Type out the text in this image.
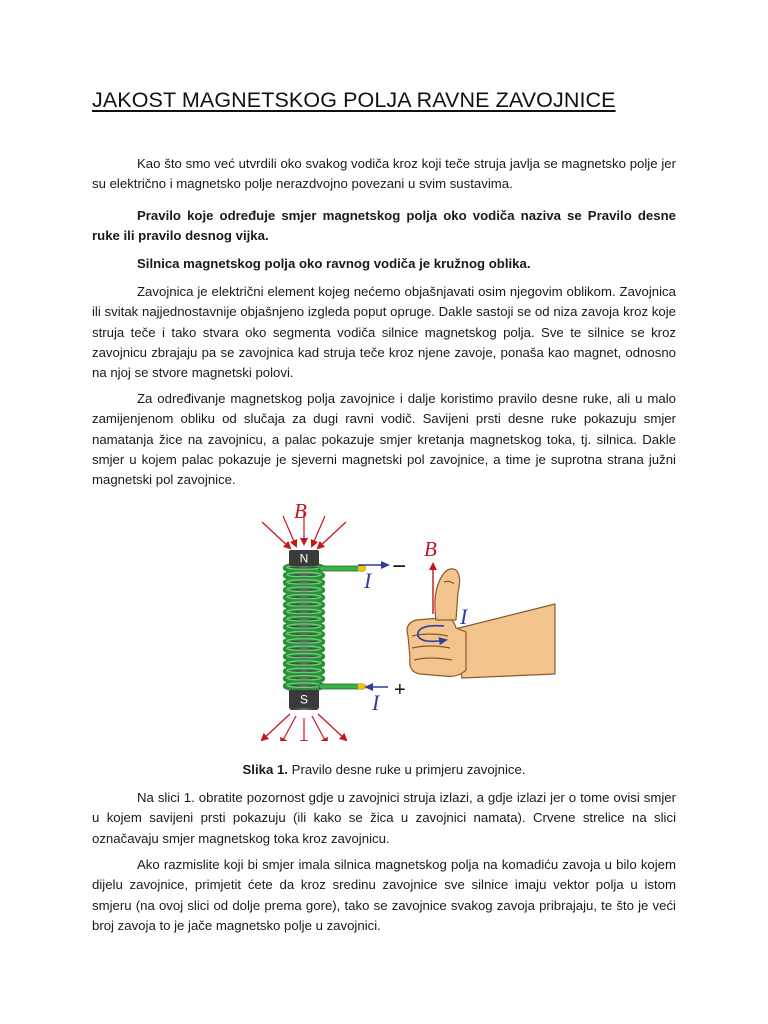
JAKOST MAGNETSKOG POLJA RAVNE ZAVOJNICE

Kao što smo već utvrdili oko svakog vodiča kroz koji teče struja javlja se magnetsko polje jer su električno i magnetsko polje nerazdvojno povezani u svim sustavima.

Pravilo koje određuje smjer magnetskog polja oko vodiča naziva se Pravilo desne ruke ili pravilo desnog vijka.

Silnica magnetskog polja oko ravnog vodiča je kružnog oblika.

Zavojnica je električni element kojeg nećemo objašnjavati osim njegovim oblikom. Zavojnica ili svitak najjednostavnije objašnjeno izgleda poput opruge. Dakle sastoji se od niza zavoja kroz koje struja teče i tako stvara oko segmenta vodiča silnice magnetskog polja. Sve te silnice se kroz zavojnicu zbrajaju pa se zavojnica kad struja teče kroz njene zavoje, ponaša kao magnet, odnosno na njoj se stvore magnetski polovi.

Za određivanje magnetskog polja zavojnice i dalje koristimo pravilo desne ruke, ali u malo zamijenjenom obliku od slučaja za dugi ravni vodič. Savijeni prsti desne ruke pokazuju smjer namatanja žice na zavojnicu, a palac pokazuje smjer kretanja magnetskog toka, tj. silnica. Dakle smjer u kojem palac pokazuje je sjeverni magnetski pol zavojnice, a time je suprotna strana južni magnetski pol zavojnice.

Slika 1. Pravilo desne ruke u primjeru zavojnice.

Na slici 1. obratite pozornost gdje u zavojnici struja izlazi, a gdje izlazi jer o tome ovisi smjer u kojem savijeni prsti pokazuju (ili kako se žica u zavojnici namata). Crvene strelice na slici označavaju smjer magnetskog toka kroz zavojnicu.

Ako razmislite koji bi smjer imala silnica magnetskog polja na komadiću zavoja u bilo kojem dijelu zavojnice, primjetit ćete da kroz sredinu zavojnice sve silnice imaju vektor polja u istom smjeru (na ovoj slici od dolje prema gore), tako se zavojnice svakog zavoja pribrajaju, te što je veći broj zavoja to je jače magnetsko polje u zavojnici.

N
S
B
I
−
I +
B
I
